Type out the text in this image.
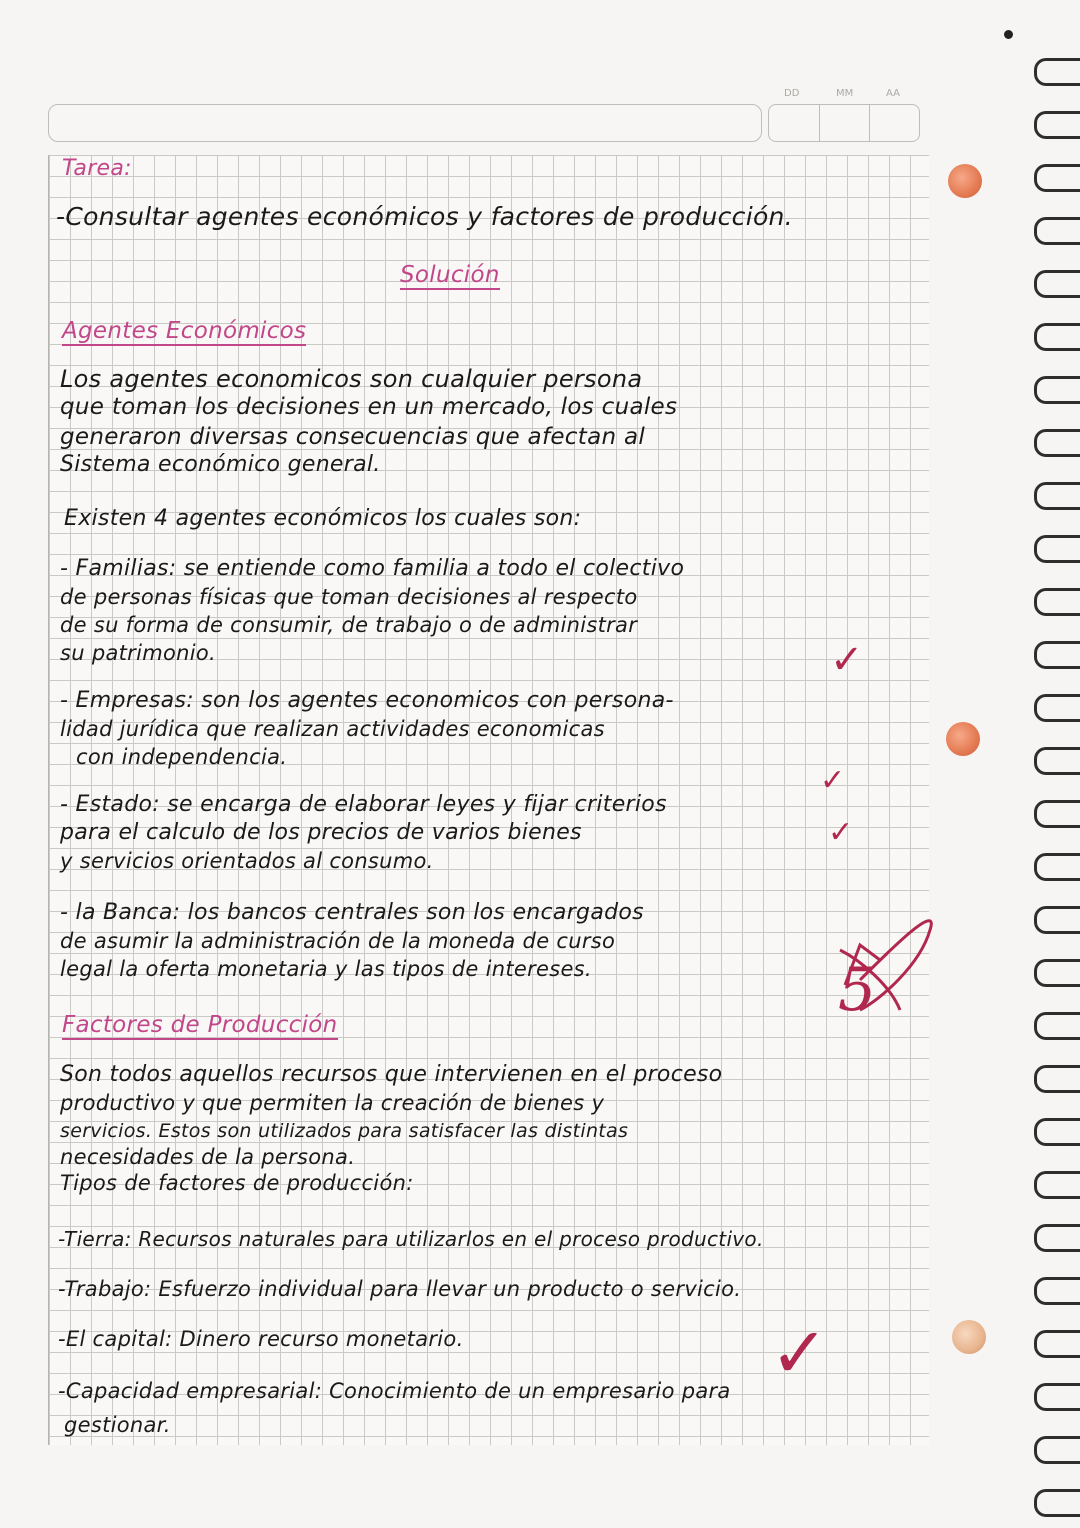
DD	MM	AA
Tarea:
-Consultar agentes económicos y factores de producción.
Solución
Agentes Económicos
Los agentes economicos son cualquier persona
que toman los decisiones en un mercado, los cuales
generaron diversas consecuencias que afectan al
Sistema económico general.
Existen 4 agentes económicos los cuales son:
- Familias: se entiende como familia a todo el colectivo
de personas físicas que toman decisiones al respecto
de su forma de consumir, de trabajo o de administrar
su patrimonio.
- Empresas: son los agentes economicos con persona-
lidad jurídica que realizan actividades economicas
con independencia.
- Estado: se encarga de elaborar leyes y fijar criterios
para el calculo de los precios de varios bienes
y servicios orientados al consumo.
- la Banca: los bancos centrales son los encargados
de asumir la administración de la moneda de curso
legal la oferta monetaria y las tipos de intereses.
Factores de Producción
Son todos aquellos recursos que intervienen en el proceso
productivo y que permiten la creación de bienes y
servicios. Estos son utilizados para satisfacer las distintas
necesidades de la persona.
Tipos de factores de producción:
-Tierra: Recursos naturales para utilizarlos en el proceso productivo.
-Trabajo: Esfuerzo individual para llevar un producto o servicio.
-El capital: Dinero recurso monetario.
-Capacidad empresarial: Conocimiento de un empresario para
gestionar.
✓
✓
✓
✓
5
